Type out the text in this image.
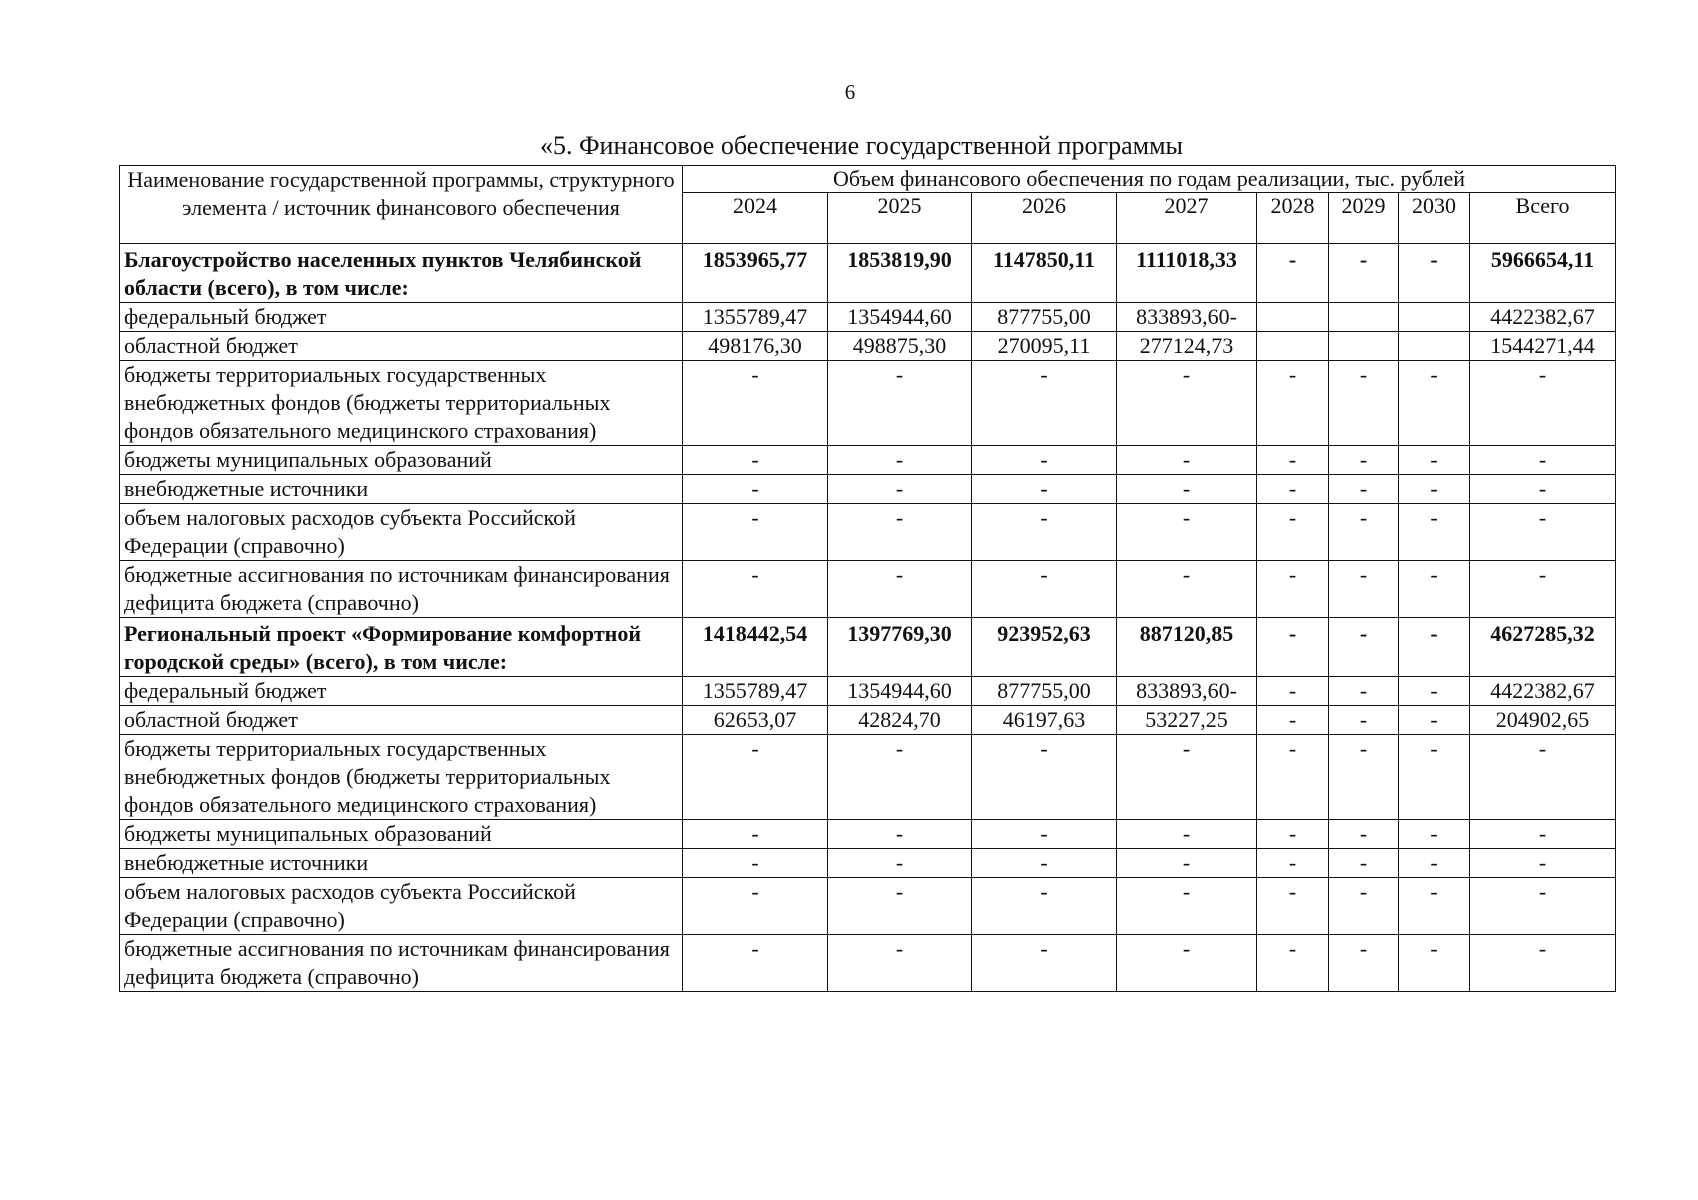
6
«5. Финансовое обеспечение государственной программы
Наименование государственной программы, структурного элемента / источник финансового обеспечения	Объем финансового обеспечения по годам реализации, тыс. рублей							
	2024	2025	2026	2027	2028	2029	2030	Всего
Благоустройство населенных пунктов Челябинской области (всего), в том числе:	1853965,77	1853819,90	1147850,11	1111018,33	-	-	-	5966654,11
федеральный бюджет	1355789,47	1354944,60	877755,00	833893,60-				4422382,67
областной бюджет	498176,30	498875,30	270095,11	277124,73				1544271,44
бюджеты территориальных государственных внебюджетных фондов (бюджеты территориальных фондов обязательного медицинского страхования)	-	-	-	-	-	-	-	-
бюджеты муниципальных образований	-	-	-	-	-	-	-	-
внебюджетные источники	-	-	-	-	-	-	-	-
объем налоговых расходов субъекта Российской Федерации (справочно)	-	-	-	-	-	-	-	-
бюджетные ассигнования по источникам финансирования дефицита бюджета (справочно)	-	-	-	-	-	-	-	-
Региональный проект «Формирование комфортной городской среды» (всего), в том числе:	1418442,54	1397769,30	923952,63	887120,85	-	-	-	4627285,32
федеральный бюджет	1355789,47	1354944,60	877755,00	833893,60-	-	-	-	4422382,67
областной бюджет	62653,07	42824,70	46197,63	53227,25	-	-	-	204902,65
бюджеты территориальных государственных внебюджетных фондов (бюджеты территориальных фондов обязательного медицинского страхования)	-	-	-	-	-	-	-	-
бюджеты муниципальных образований	-	-	-	-	-	-	-	-
внебюджетные источники	-	-	-	-	-	-	-	-
объем налоговых расходов субъекта Российской Федерации (справочно)	-	-	-	-	-	-	-	-
бюджетные ассигнования по источникам финансирования дефицита бюджета (справочно)	-	-	-	-	-	-	-	-
